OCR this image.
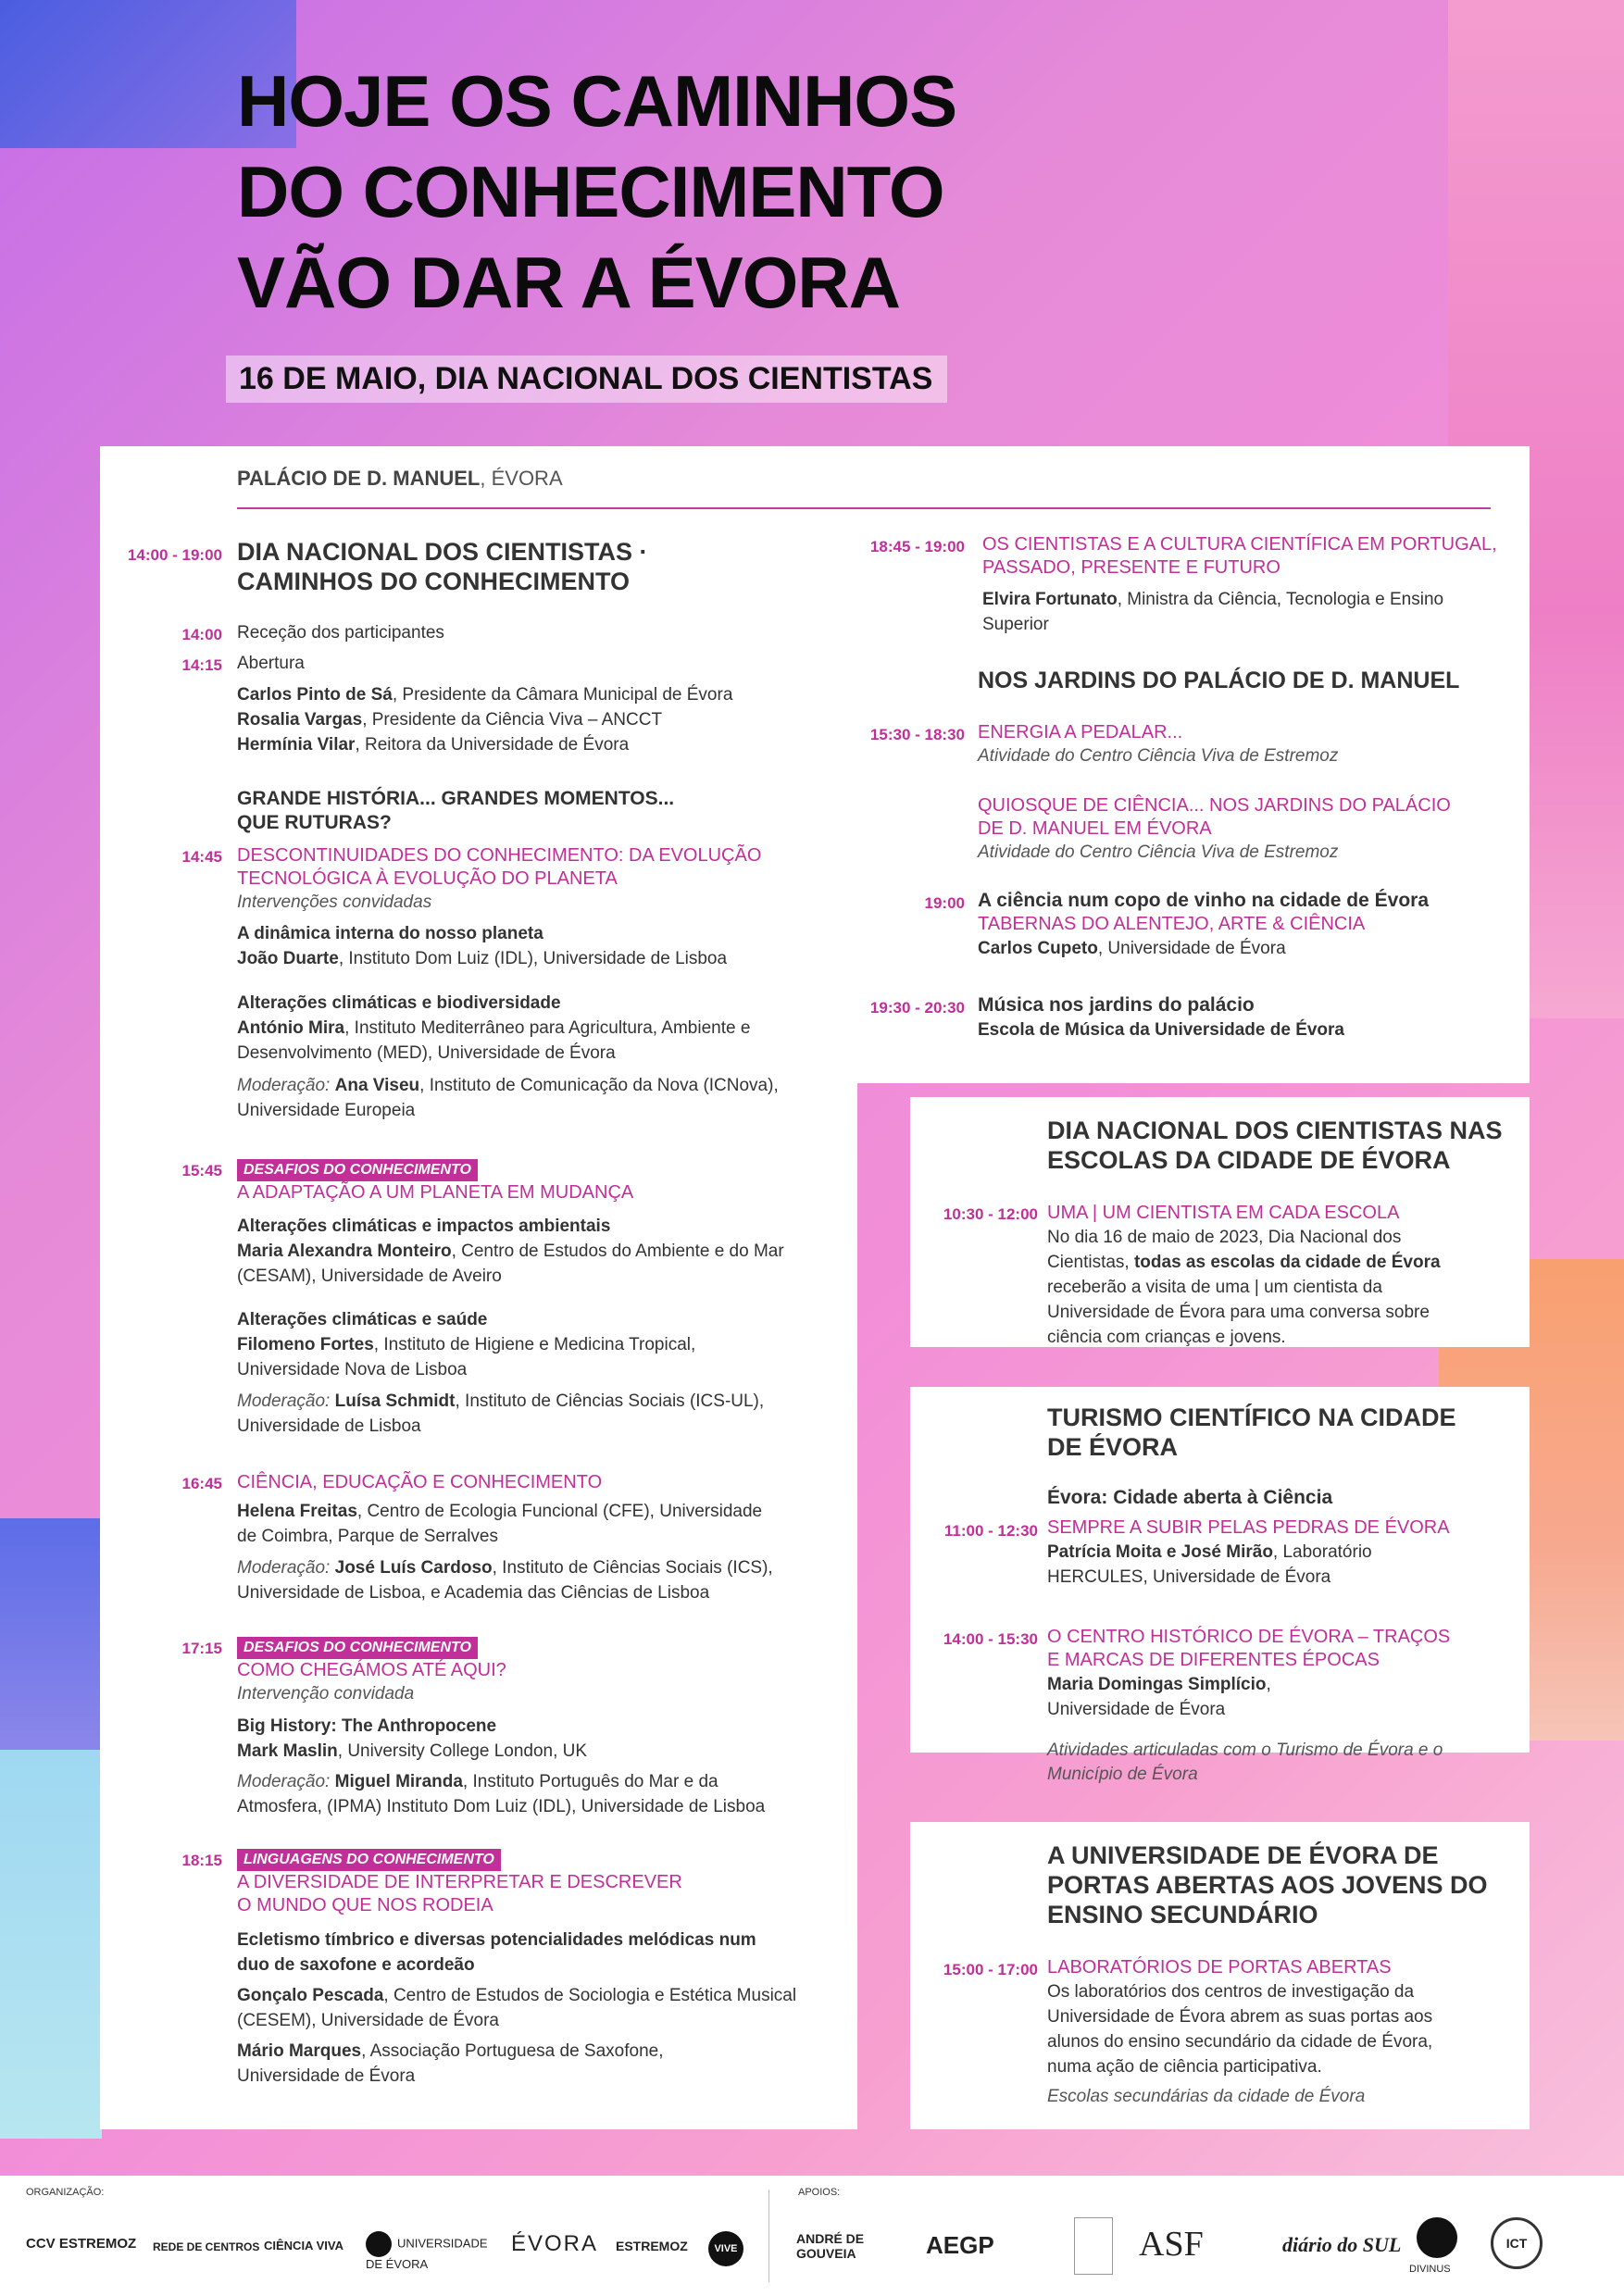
HOJE OS CAMINHOS
DO CONHECIMENTO
VÃO DAR A ÉVORA
16 DE MAIO, DIA NACIONAL DOS CIENTISTAS
PALÁCIO DE D. MANUEL, ÉVORA
14:00 - 19:00 DIA NACIONAL DOS CIENTISTAS ·
CAMINHOS DO CONHECIMENTO
14:00 Receção dos participantes
14:15 Abertura
Carlos Pinto de Sá, Presidente da Câmara Municipal de Évora
Rosalia Vargas, Presidente da Ciência Viva – ANCCT
Hermínia Vilar, Reitora da Universidade de Évora
GRANDE HISTÓRIA... GRANDES MOMENTOS...
QUE RUTURAS?
14:45 DESCONTINUIDADES DO CONHECIMENTO: DA EVOLUÇÃO
TECNOLÓGICA À EVOLUÇÃO DO PLANETA
Intervenções convidadas
A dinâmica interna do nosso planeta
João Duarte, Instituto Dom Luiz (IDL), Universidade de Lisboa
Alterações climáticas e biodiversidade
António Mira, Instituto Mediterrâneo para Agricultura, Ambiente e
Desenvolvimento (MED), Universidade de Évora
Moderação: Ana Viseu, Instituto de Comunicação da Nova (ICNova),
Universidade Europeia
15:45	DESAFIOS DO CONHECIMENTO
A ADAPTAÇÃO A UM PLANETA EM MUDANÇA
Alterações climáticas e impactos ambientais
Maria Alexandra Monteiro, Centro de Estudos do Ambiente e do Mar
(CESAM), Universidade de Aveiro
Alterações climáticas e saúde
Filomeno Fortes, Instituto de Higiene e Medicina Tropical,
Universidade Nova de Lisboa
Moderação: Luísa Schmidt, Instituto de Ciências Sociais (ICS-UL),
Universidade de Lisboa
16:45 CIÊNCIA, EDUCAÇÃO E CONHECIMENTO
Helena Freitas, Centro de Ecologia Funcional (CFE), Universidade
de Coimbra, Parque de Serralves
Moderação: José Luís Cardoso, Instituto de Ciências Sociais (ICS),
Universidade de Lisboa, e Academia das Ciências de Lisboa
17:15	DESAFIOS DO CONHECIMENTO
COMO CHEGÁMOS ATÉ AQUI?
Intervenção convidada
Big History: The Anthropocene
Mark Maslin, University College London, UK
Moderação: Miguel Miranda, Instituto Português do Mar e da
Atmosfera, (IPMA) Instituto Dom Luiz (IDL), Universidade de Lisboa
18:15	LINGUAGENS DO CONHECIMENTO
A DIVERSIDADE DE INTERPRETAR E DESCREVER
O MUNDO QUE NOS RODEIA
Ecletismo tímbrico e diversas potencialidades melódicas num
duo de saxofone e acordeão
Gonçalo Pescada, Centro de Estudos de Sociologia e Estética Musical
(CESEM), Universidade de Évora
Mário Marques, Associação Portuguesa de Saxofone,
Universidade de Évora
18:45 - 19:00 OS CIENTISTAS E A CULTURA CIENTÍFICA EM PORTUGAL,
PASSADO, PRESENTE E FUTURO
Elvira Fortunato, Ministra da Ciência, Tecnologia e Ensino
Superior
NOS JARDINS DO PALÁCIO DE D. MANUEL
15:30 - 18:30 ENERGIA A PEDALAR...
Atividade do Centro Ciência Viva de Estremoz
QUIOSQUE DE CIÊNCIA... NOS JARDINS DO PALÁCIO
DE D. MANUEL EM ÉVORA
Atividade do Centro Ciência Viva de Estremoz
19:00 A ciência num copo de vinho na cidade de Évora
TABERNAS DO ALENTEJO, ARTE & CIÊNCIA
Carlos Cupeto, Universidade de Évora
19:30 - 20:30 Música nos jardins do palácio
Escola de Música da Universidade de Évora
DIA NACIONAL DOS CIENTISTAS NAS
ESCOLAS DA CIDADE DE ÉVORA
10:30 - 12:00 UMA | UM CIENTISTA EM CADA ESCOLA
No dia 16 de maio de 2023, Dia Nacional dos
Cientistas, todas as escolas da cidade de Évora
receberão a visita de uma | um cientista da
Universidade de Évora para uma conversa sobre
ciência com crianças e jovens.
TURISMO CIENTÍFICO NA CIDADE
DE ÉVORA
Évora: Cidade aberta à Ciência
11:00 - 12:30 SEMPRE A SUBIR PELAS PEDRAS DE ÉVORA
Patrícia Moita e José Mirão, Laboratório
HERCULES, Universidade de Évora
14:00 - 15:30 O CENTRO HISTÓRICO DE ÉVORA – TRAÇOS
E MARCAS DE DIFERENTES ÉPOCAS
Maria Domingas Simplício,
Universidade de Évora
Atividades articuladas com o Turismo de Évora e o
Município de Évora
A UNIVERSIDADE DE ÉVORA DE
PORTAS ABERTAS AOS JOVENS DO
ENSINO SECUNDÁRIO
15:00 - 17:00 LABORATÓRIOS DE PORTAS ABERTAS
Os laboratórios dos centros de investigação da
Universidade de Évora abrem as suas portas aos
alunos do ensino secundário da cidade de Évora,
numa ação de ciência participativa.
Escolas secundárias da cidade de Évora
ORGANIZAÇÃO:	APOIOS:
CCV ESTREMOZ REDE DE CENTROS CIÊNCIA VIVA	UNIVERSIDADE DE ÉVORA
ÉVORA ESTREMOZ	VIVE
ANDRÉ DE GOUVEIA	AEGP	ASF	diário do SUL
DIVINUS
ICT
